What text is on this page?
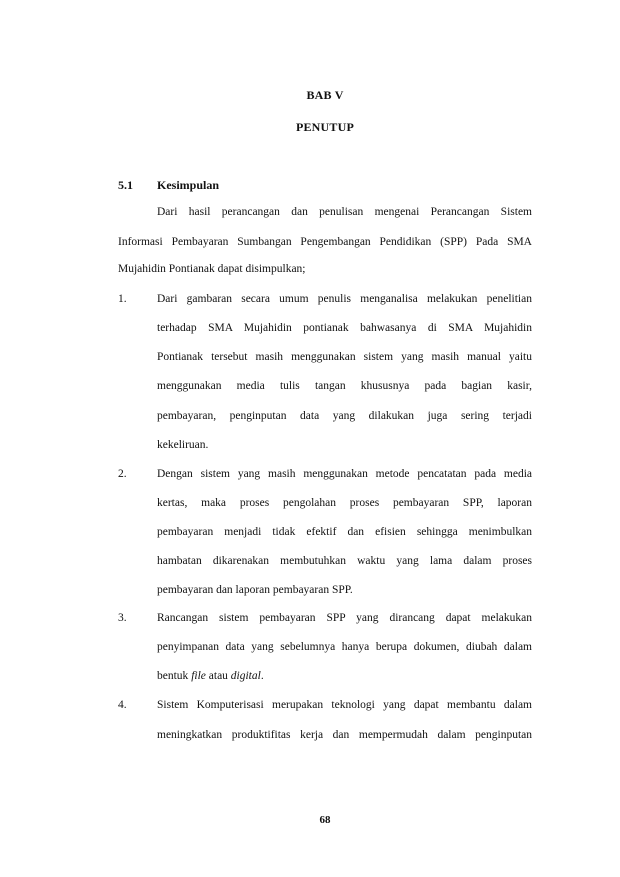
BAB V
PENUTUP
5.1 Kesimpulan
Dari hasil perancangan dan penulisan mengenai Perancangan Sistem
Informasi Pembayaran Sumbangan Pengembangan Pendidikan (SPP) Pada SMA
Mujahidin Pontianak dapat disimpulkan;
1.	Dari gambaran secara umum penulis menganalisa melakukan penelitian
terhadap SMA Mujahidin pontianak bahwasanya di SMA Mujahidin
Pontianak tersebut masih menggunakan sistem yang masih manual yaitu
menggunakan media tulis tangan khususnya pada bagian kasir,
pembayaran, penginputan data yang dilakukan juga sering terjadi
kekeliruan.
2.	Dengan sistem yang masih menggunakan metode pencatatan pada media
kertas, maka proses pengolahan proses pembayaran SPP, laporan
pembayaran menjadi tidak efektif dan efisien sehingga menimbulkan
hambatan dikarenakan membutuhkan waktu yang lama dalam proses
pembayaran dan laporan pembayaran SPP.
3.	Rancangan sistem pembayaran SPP yang dirancang dapat melakukan
penyimpanan data yang sebelumnya hanya berupa dokumen, diubah dalam
bentuk file atau digital.
4.	Sistem Komputerisasi merupakan teknologi yang dapat membantu dalam
meningkatkan produktifitas kerja dan mempermudah dalam penginputan
68
